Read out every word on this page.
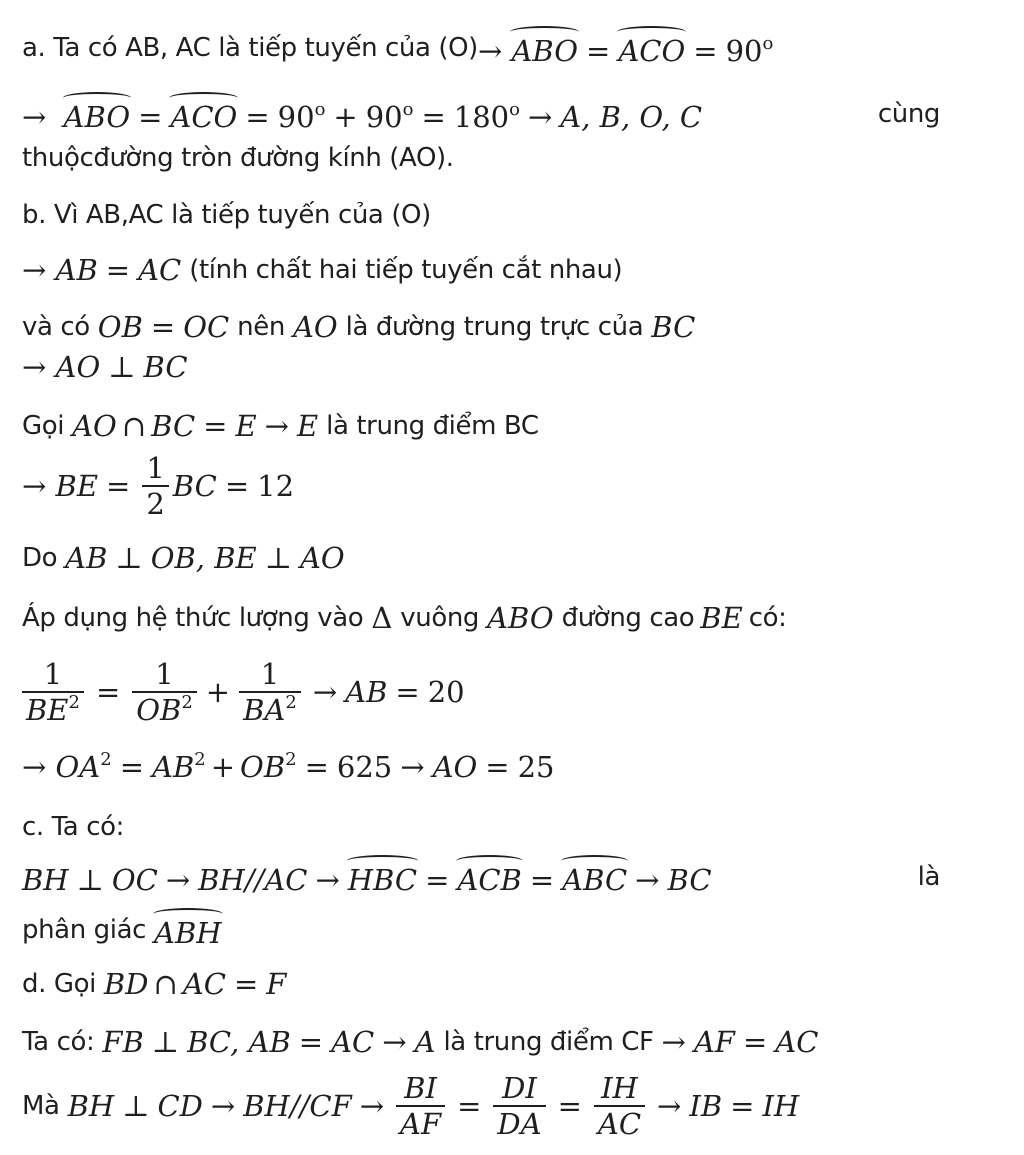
a. Ta có AB, AC là tiếp tuyến của (O) → ABO = ACO = $90^o$
→ ABO = ACO = $90^o + 90^o = 180^o \to A$, B, O, C	cùng
thuộcđường tròn đường kính (AO).
b. Vì AB,AC là tiếp tuyến của (O)
→ AB = AC (tính chất hai tiếp tuyến cắt nhau)
và có OB = OC nên AO là đường trung trực của BC
→ AO ⊥ BC
Gọi AO ∩ BC = E → E là trung điểm BC
→ BE = $\frac{1}{2}$ BC = 12
Do AB ⊥ OB, BE ⊥ AO
Áp dụng hệ thức lượng vào Δ vuông ABO đường cao BE có:
$\frac{1}{BE^2} = \frac{1}{OB^2} + \frac{1}{BA^2}$ → AB = 20
→ $OA^2 = AB^2 + OB^2 = 625$ → AO = 25
c. Ta có:
BH ⊥ OC → BH//AC → HBC = ACB = ABC → BC	là
phân giác ABH
d. Gọi BD ∩ AC = F
Ta có: FB ⊥ BC, AB = AC → A là trung điểm CF → AF = AC
Mà BH ⊥ CD → $BH//CF \to \frac{BI}{AF} = \frac{DI}{DA} = \frac{IH}{AC}$ → IB = IH
